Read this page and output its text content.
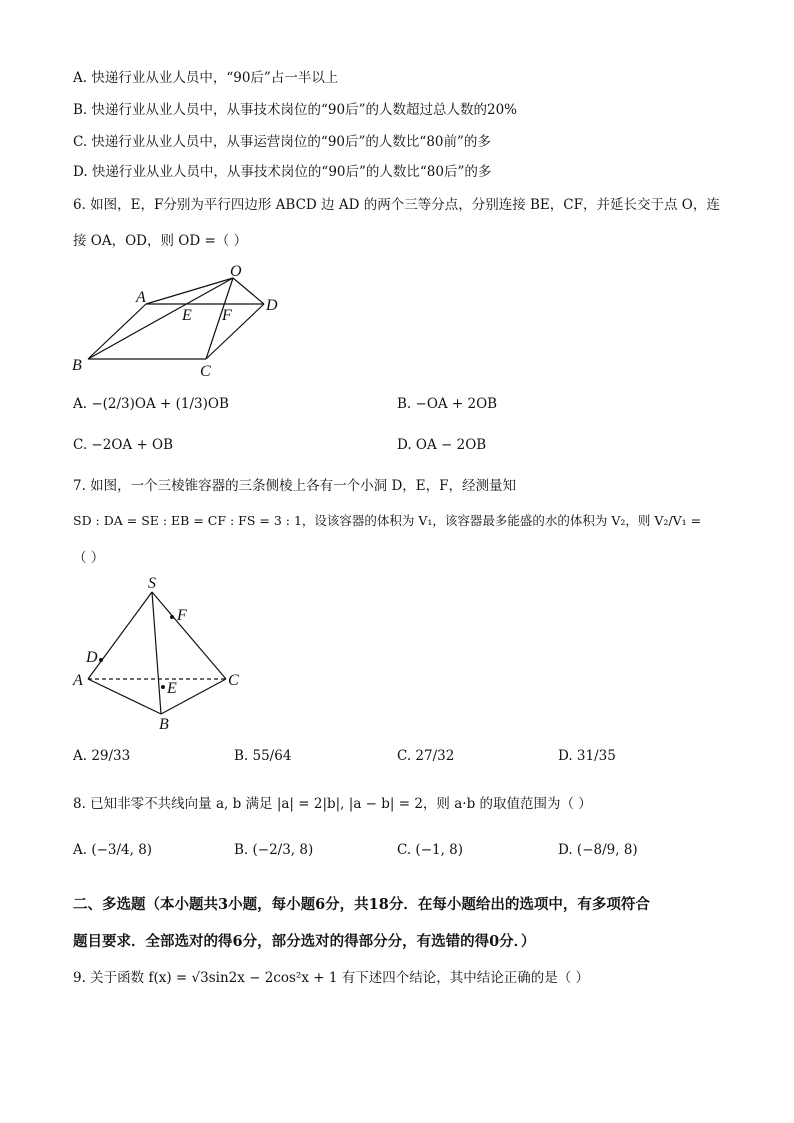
A. 快递行业从业人员中，“90后”占一半以上
B. 快递行业从业人员中，从事技术岗位的“90后”的人数超过总人数的20%
C. 快递行业从业人员中，从事运营岗位的“90后”的人数比“80前”的多
D. 快递行业从业人员中，从事技术岗位的“90后”的人数比“80后”的多
6. 如图，E，F分别为平行四边形 ABCD 边 AD 的两个三等分点，分别连接 BE，CF，并延长交于点 O，连
接 OA，OD，则 OD =（ ）
O
A	D
E F
B	C
A. −(2/3)OA + (1/3)OB	B. −OA + 2OB
C. −2OA + OB	D. OA − 2OB
7. 如图，一个三棱锥容器的三条侧棱上各有一个小洞 D，E，F，经测量知
SD : DA = SE : EB = CF : FS = 3 : 1，设该容器的体积为 V₁，该容器最多能盛的水的体积为 V₂，则 V₂/V₁ =
（ ）
S
F
D
A	E	C
B
A. 29/33	B. 55/64	C. 27/32	D. 31/35
8. 已知非零不共线向量 a, b 满足 |a| = 2|b|, |a − b| = 2，则 a·b 的取值范围为（ ）
A. (−3/4, 8)	B. (−2/3, 8)	C. (−1, 8)	D. (−8/9, 8)
二、多选题（本小题共3小题，每小题6分，共18分．在每小题给出的选项中，有多项符合
题目要求．全部选对的得6分，部分选对的得部分分，有选错的得0分．）
9. 关于函数 f(x) = √3sin2x − 2cos²x + 1 有下述四个结论，其中结论正确的是（ ）
